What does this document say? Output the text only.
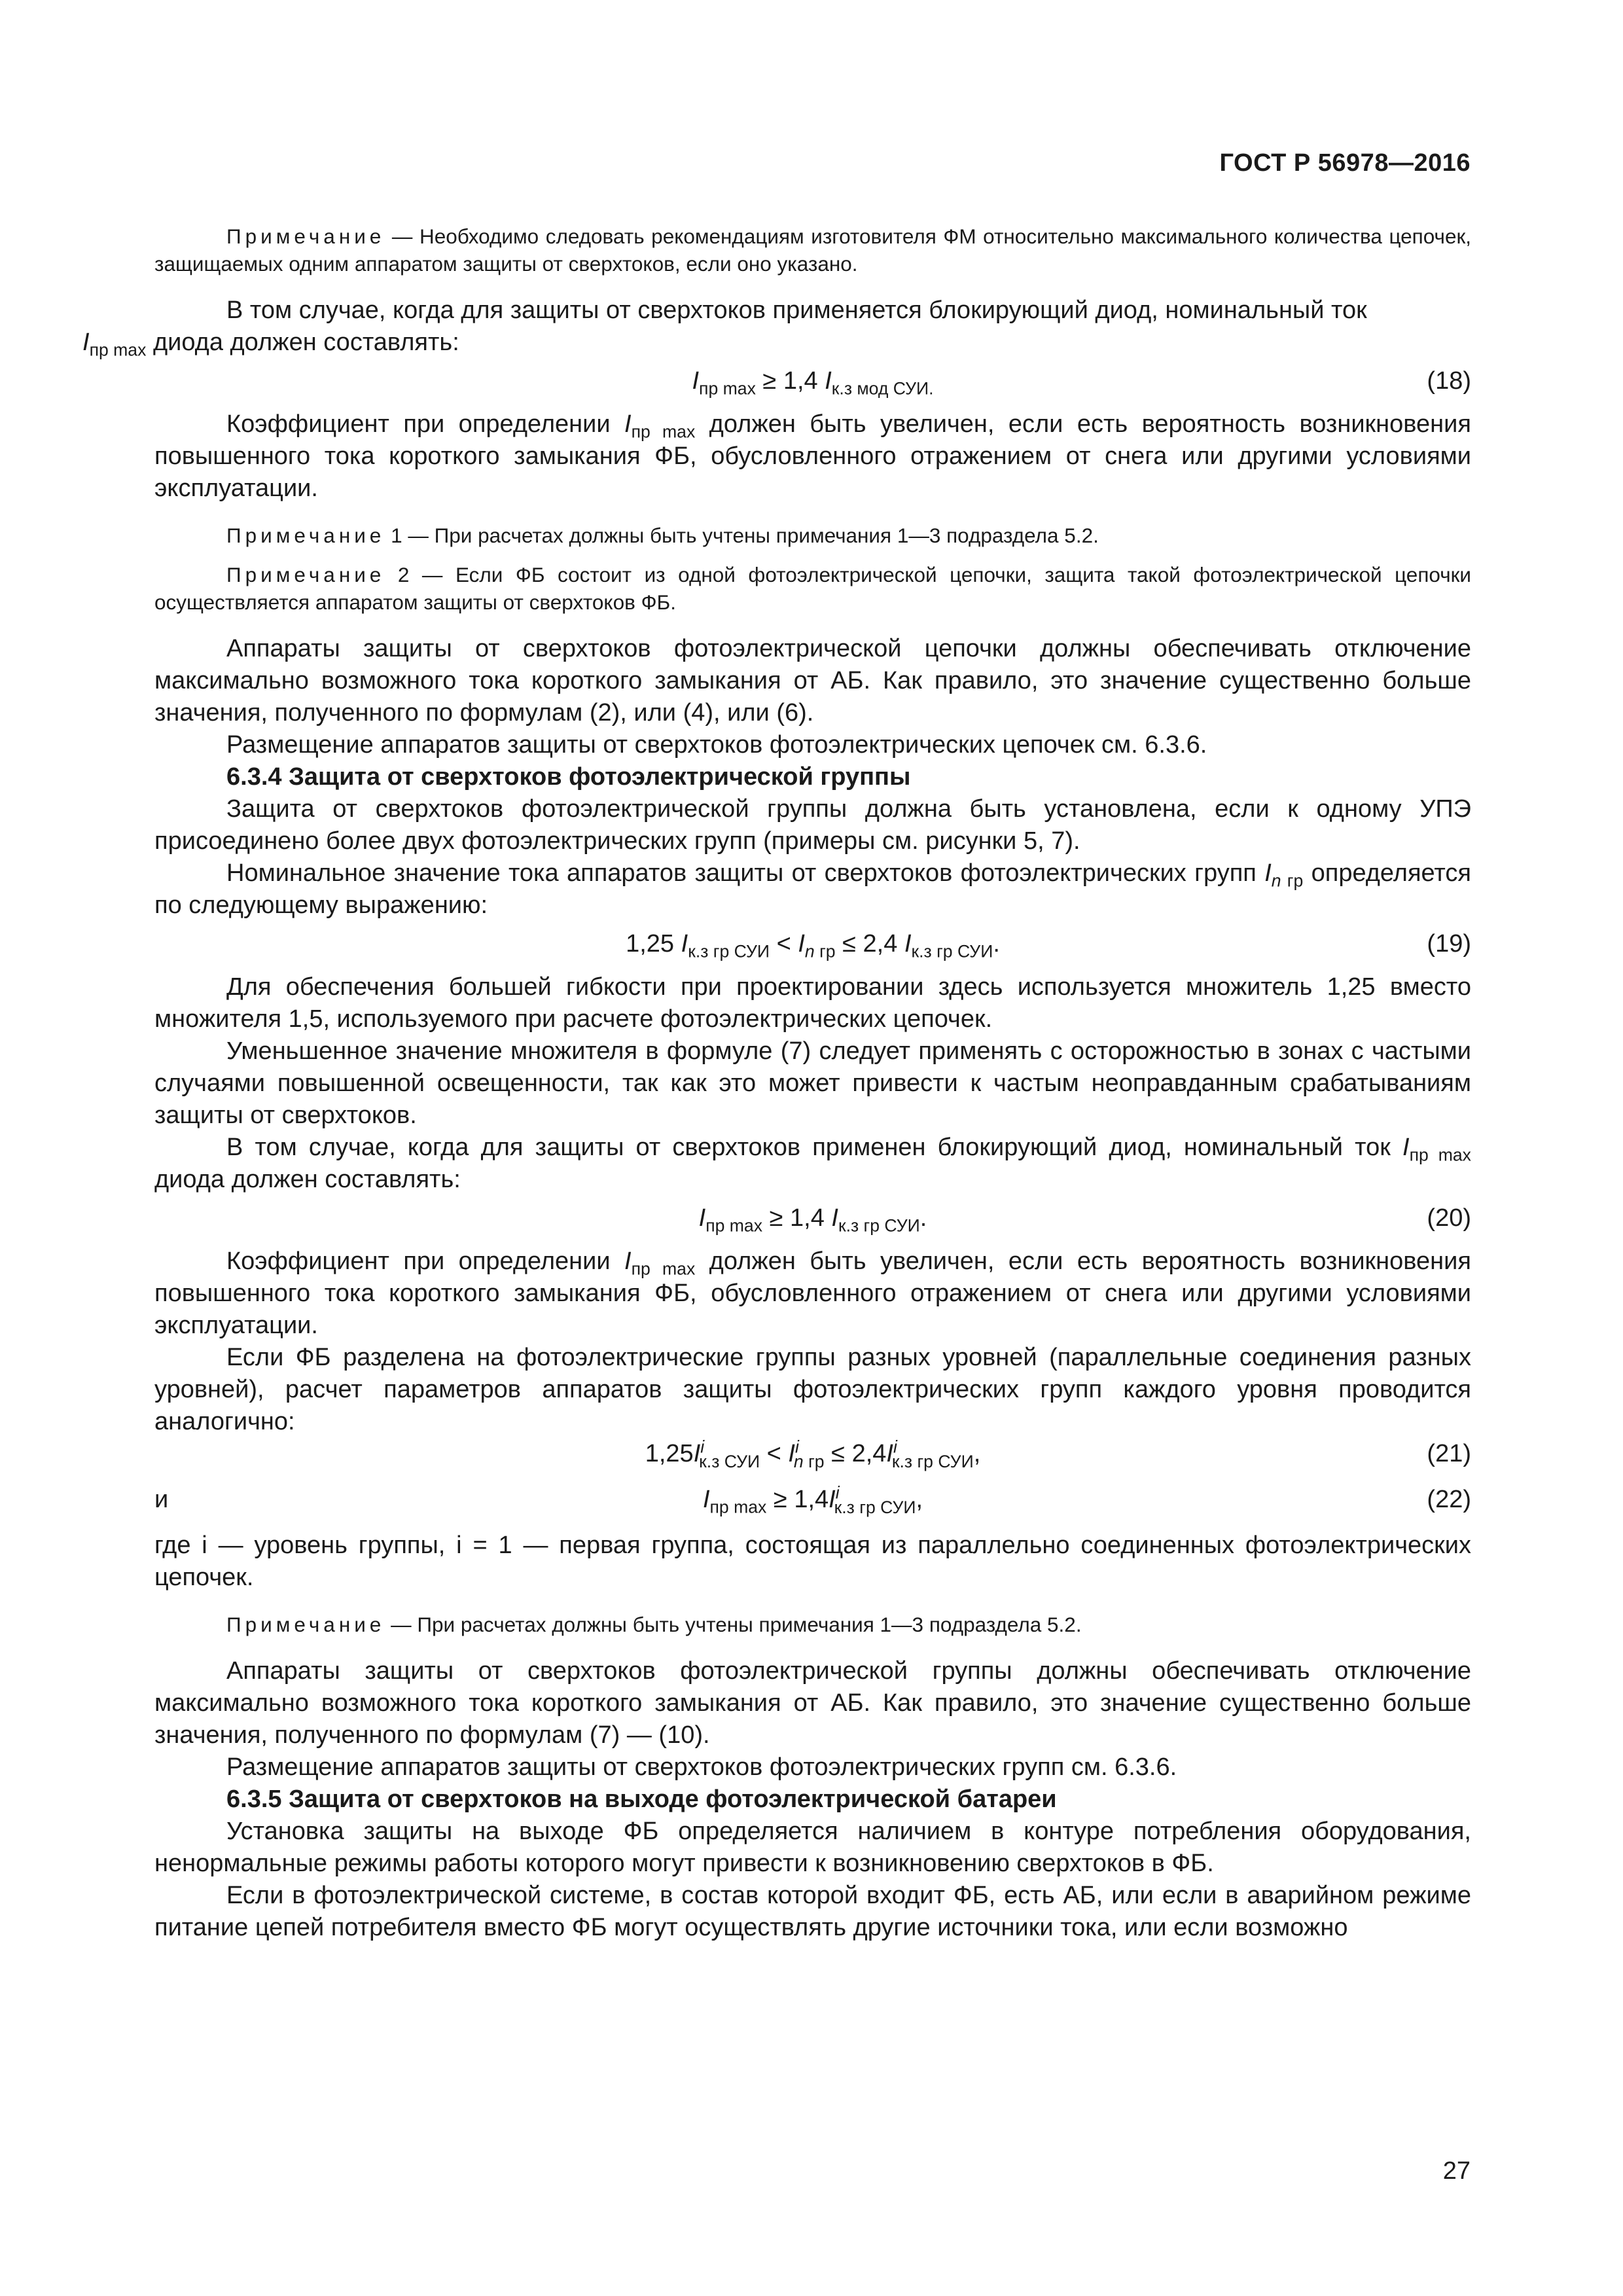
ГОСТ Р 56978—2016

Примечание — Необходимо следовать рекомендациям изготовителя ФМ относительно максимального количества цепочек, защищаемых одним аппаратом защиты от сверхтоков, если оно указано.

В том случае, когда для защиты от сверхтоков применяется блокирующий диод, номинальный ток
$I_{пр max}$ диода должен составлять:

$I_{пр max} \ge 1,4$ $I_{к.з мод СУИ.}$	(18)

Коэффициент при определении $I_{пр max}$ должен быть увеличен, если есть вероятность возникновения повышенного тока короткого замыкания ФБ, обусловленного отражением от снега или другими условиями эксплуатации.

Примечание 1 — При расчетах должны быть учтены примечания 1—3 подраздела 5.2.

Примечание 2 — Если ФБ состоит из одной фотоэлектрической цепочки, защита такой фотоэлектрической цепочки осуществляется аппаратом защиты от сверхтоков ФБ.

Аппараты защиты от сверхтоков фотоэлектрической цепочки должны обеспечивать отключение максимально возможного тока короткого замыкания от АБ. Как правило, это значение существенно больше значения, полученного по формулам (2), или (4), или (6).

Размещение аппаратов защиты от сверхтоков фотоэлектрических цепочек см. 6.3.6.

6.3.4 Защита от сверхтоков фотоэлектрической группы

Защита от сверхтоков фотоэлектрической группы должна быть установлена, если к одному УПЭ присоединено более двух фотоэлектрических групп (примеры см. рисунки 5, 7).

Номинальное значение тока аппаратов защиты от сверхтоков фотоэлектрических групп $I_n$ $_{гр}$ определяется по следующему выражению:

1,25 $I_{к.з гр СУИ} < I_n$ $_{гр}$ ≤ 2,4 $I_{к.з гр СУИ}$.	(19)

Для обеспечения большей гибкости при проектировании здесь используется множитель 1,25 вместо множителя 1,5, используемого при расчете фотоэлектрических цепочек.

Уменьшенное значение множителя в формуле (7) следует применять с осторожностью в зонах с частыми случаями повышенной освещенности, так как это может привести к частым неоправданным срабатываниям защиты от сверхтоков.

В том случае, когда для защиты от сверхтоков применен блокирующий диод, номинальный ток $I_{пр max}$ диода должен составлять:

$I_{пр max} \ge 1,4$ $I_{к.з гр СУИ}$.	(20)

Коэффициент при определении $I_{пр max}$ должен быть увеличен, если есть вероятность возникновения повышенного тока короткого замыкания ФБ, обусловленного отражением от снега или другими условиями эксплуатации.

Если ФБ разделена на фотоэлектрические группы разных уровней (параллельные соединения разных уровней), расчет параметров аппаратов защиты фотоэлектрических групп каждого уровня проводится аналогично:

$1,25I^i_{к.з СУИ} < I^i_{n гр} \le 2,4I^i_{к.з гр СУИ}$,	(21)
и	$I_{пр max} \ge 1,4I^i_{к.з гр СУИ}$,	(22)

где i — уровень группы, i = 1 — первая группа, состоящая из параллельно соединенных фотоэлектрических цепочек.

Примечание — При расчетах должны быть учтены примечания 1—3 подраздела 5.2.

Аппараты защиты от сверхтоков фотоэлектрической группы должны обеспечивать отключение максимально возможного тока короткого замыкания от АБ. Как правило, это значение существенно больше значения, полученного по формулам (7) — (10).

Размещение аппаратов защиты от сверхтоков фотоэлектрических групп см. 6.3.6.

6.3.5 Защита от сверхтоков на выходе фотоэлектрической батареи

Установка защиты на выходе ФБ определяется наличием в контуре потребления оборудования, ненормальные режимы работы которого могут привести к возникновению сверхтоков в ФБ.

Если в фотоэлектрической системе, в состав которой входит ФБ, есть АБ, или если в аварийном режиме питание цепей потребителя вместо ФБ могут осуществлять другие источники тока, или если возможно

27
